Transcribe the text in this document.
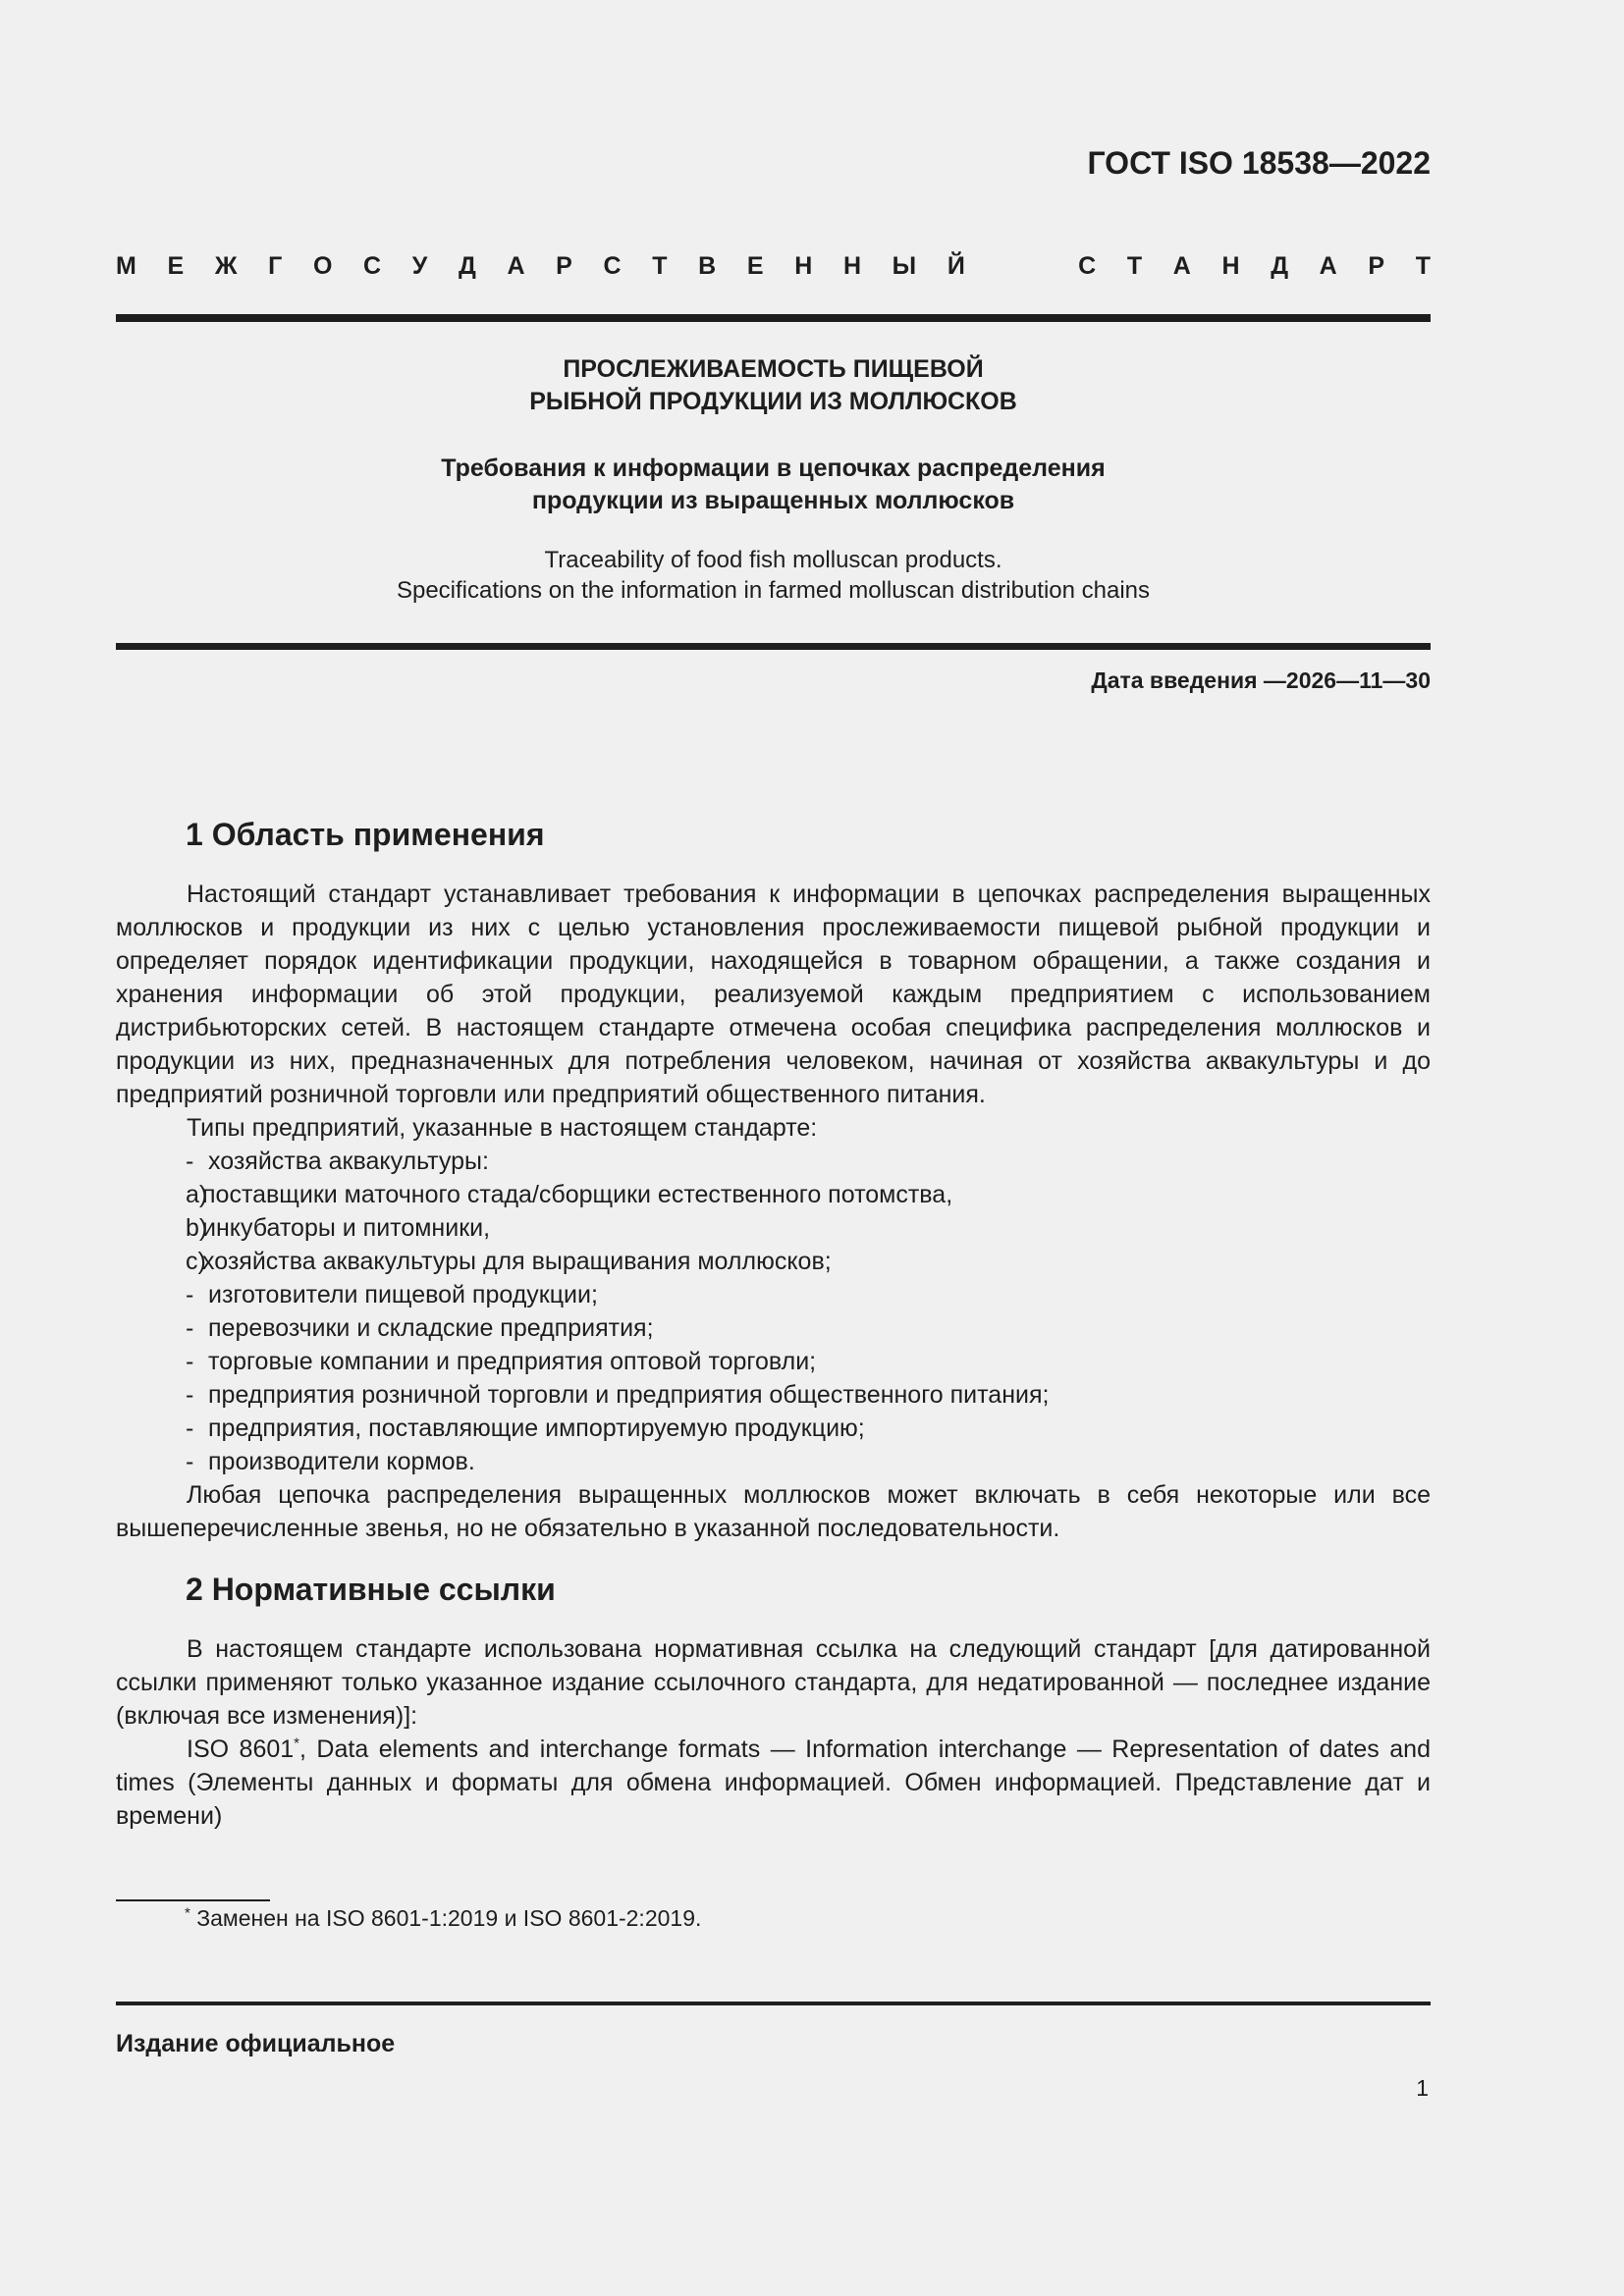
ГОСТ ISO 18538—2022
М Е Ж Г О С У Д А Р С Т В Е Н Н Ы Й	С Т А Н Д А Р Т
ПРОСЛЕЖИВАЕМОСТЬ ПИЩЕВОЙ
РЫБНОЙ ПРОДУКЦИИ ИЗ МОЛЛЮСКОВ
Требования к информации в цепочках распределения
продукции из выращенных моллюсков
Traceability of food fish molluscan products.
Specifications on the information in farmed molluscan distribution chains
Дата введения —2026—11—30
1 Область применения

Настоящий стандарт устанавливает требования к информации в цепочках распределения выращенных моллюсков и продукции из них с целью установления прослеживаемости пищевой рыбной продукции и определяет порядок идентификации продукции, находящейся в товарном обращении, а также создания и хранения информации об этой продукции, реализуемой каждым предприятием с использованием дистрибьюторских сетей. В настоящем стандарте отмечена особая специфика распределения моллюсков и продукции из них, предназначенных для потребления человеком, начиная от хозяйства аквакультуры и до предприятий розничной торговли или предприятий общественного питания.

Типы предприятий, указанные в настоящем стандарте:

- хозяйства аквакультуры:

a)поставщики маточного стада/сборщики естественного потомства,

b)инкубаторы и питомники,

c)хозяйства аквакультуры для выращивания моллюсков;

- изготовители пищевой продукции;

- перевозчики и складские предприятия;

- торговые компании и предприятия оптовой торговли;

- предприятия розничной торговли и предприятия общественного питания;

- предприятия, поставляющие импортируемую продукцию;

- производители кормов.

Любая цепочка распределения выращенных моллюсков может включать в себя некоторые или все вышеперечисленные звенья, но не обязательно в указанной последовательности.

2 Нормативные ссылки

В настоящем стандарте использована нормативная ссылка на следующий стандарт [для датированной ссылки применяют только указанное издание ссылочного стандарта, для недатированной — последнее издание (включая все изменения)]:

ISO 8601*, Data elements and interchange formats — Information interchange — Representation of dates and times (Элементы данных и форматы для обмена информацией. Обмен информацией. Представление дат и времени)

* Заменен на ISO 8601-1:2019 и ISO 8601-2:2019.
Издание официальное
1
